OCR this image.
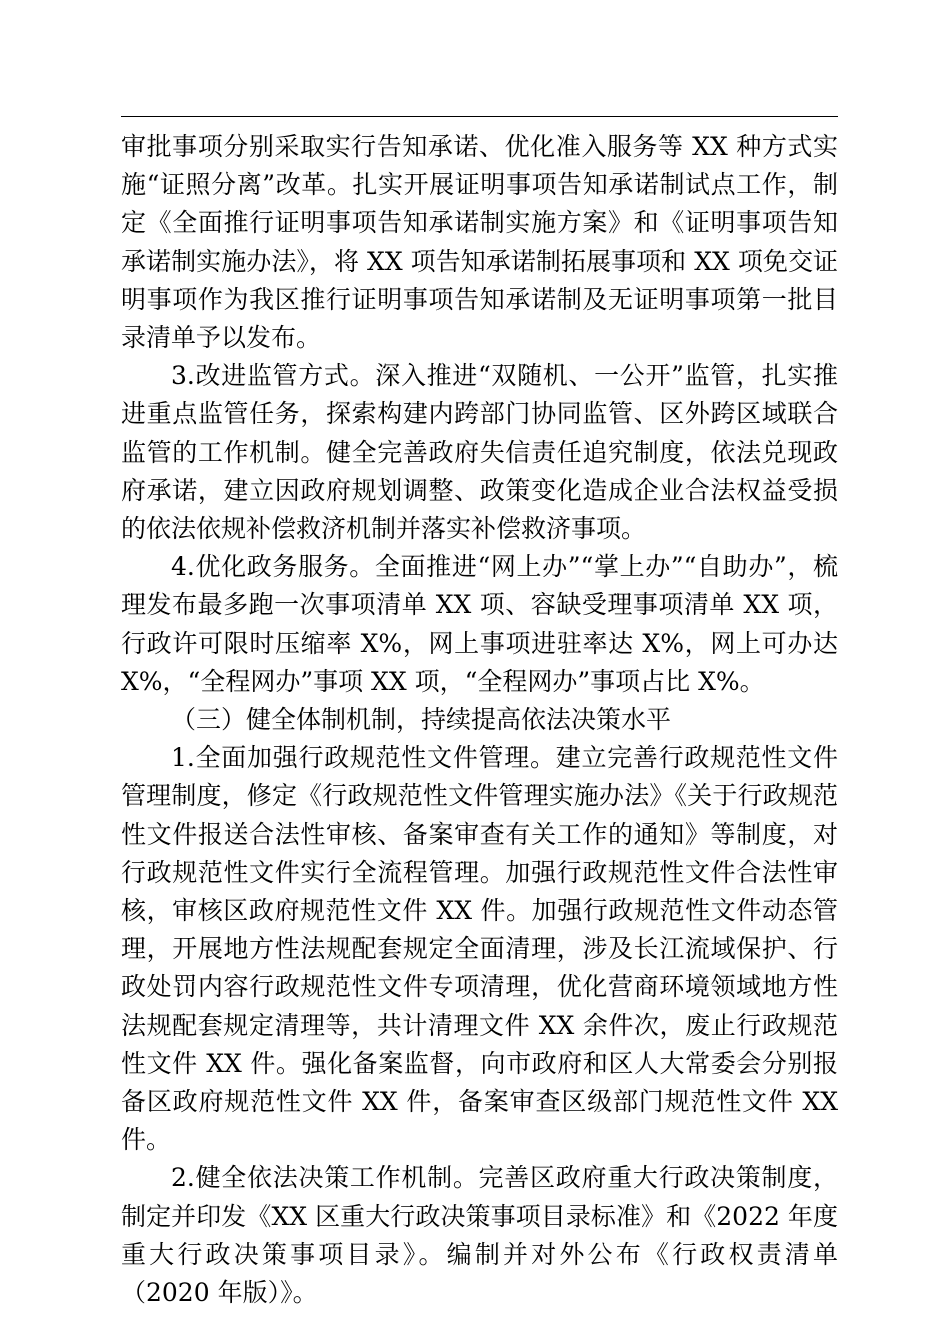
审批事项分别采取实行告知承诺、优化准入服务等 XX 种方式实施“证照分离”改革。扎实开展证明事项告知承诺制试点工作，制定《全面推行证明事项告知承诺制实施方案》和《证明事项告知承诺制实施办法》，将 XX 项告知承诺制拓展事项和 XX 项免交证明事项作为我区推行证明事项告知承诺制及无证明事项第一批目录清单予以发布。

3.改进监管方式。深入推进“双随机、一公开”监管，扎实推进重点监管任务，探索构建内跨部门协同监管、区外跨区域联合监管的工作机制。健全完善政府失信责任追究制度，依法兑现政府承诺，建立因政府规划调整、政策变化造成企业合法权益受损的依法依规补偿救济机制并落实补偿救济事项。

4.优化政务服务。全面推进“网上办”“掌上办”“自助办”，梳理发布最多跑一次事项清单 XX 项、容缺受理事项清单 XX 项，行政许可限时压缩率 X%，网上事项进驻率达 X%，网上可办达 X%，“全程网办”事项 XX 项，“全程网办”事项占比 X%。

（三）健全体制机制，持续提高依法决策水平

1.全面加强行政规范性文件管理。建立完善行政规范性文件管理制度，修定《行政规范性文件管理实施办法》《关于行政规范性文件报送合法性审核、备案审查有关工作的通知》等制度，对行政规范性文件实行全流程管理。加强行政规范性文件合法性审核，审核区政府规范性文件 XX 件。加强行政规范性文件动态管理，开展地方性法规配套规定全面清理，涉及长江流域保护、行政处罚内容行政规范性文件专项清理，优化营商环境领域地方性法规配套规定清理等，共计清理文件 XX 余件次，废止行政规范性文件 XX 件。强化备案监督，向市政府和区人大常委会分别报备区政府规范性文件 XX 件，备案审查区级部门规范性文件 XX 件。

2.健全依法决策工作机制。完善区政府重大行政决策制度，制定并印发《XX 区重大行政决策事项目录标准》和《2022 年度重大行政决策事项目录》。编制并对外公布《行政权责清单（2020 年版）》。
